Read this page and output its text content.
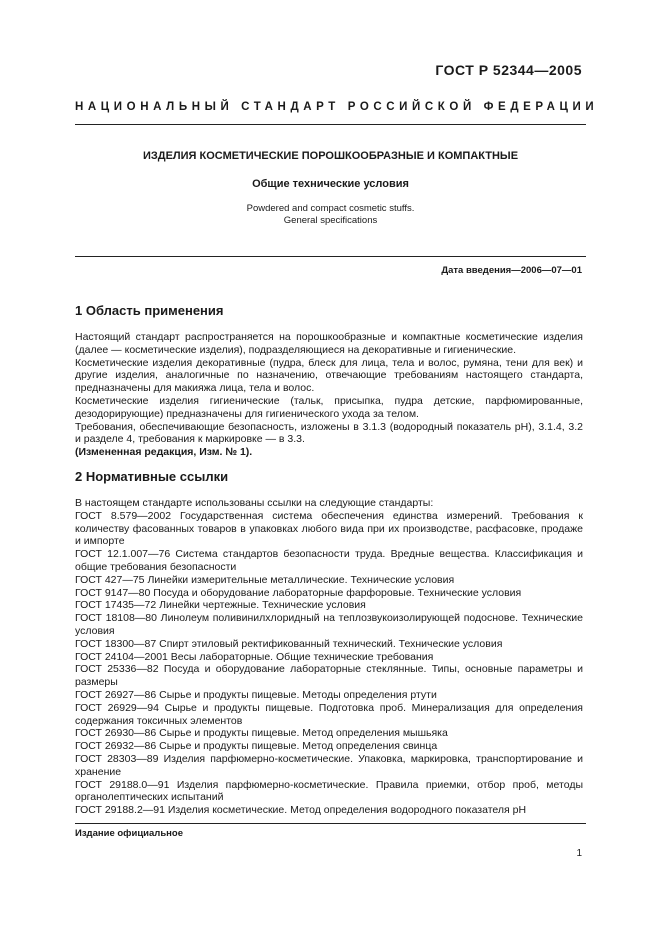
ГОСТ Р 52344—2005
НАЦИОНАЛЬНЫЙ СТАНДАРТ РОССИЙСКОЙ ФЕДЕРАЦИИ
ИЗДЕЛИЯ КОСМЕТИЧЕСКИЕ ПОРОШКООБРАЗНЫЕ И КОМПАКТНЫЕ
Общие технические условия
Powdered and compact cosmetic stuffs.
General specifications
Дата введения—2006—07—01
1 Область применения

Настоящий стандарт распространяется на порошкообразные и компактные косметические изделия (далее — косметические изделия), подразделяющиеся на декоративные и гигиенические.

Косметические изделия декоративные (пудра, блеск для лица, тела и волос, румяна, тени для век) и другие изделия, аналогичные по назначению, отвечающие требованиям настоящего стандарта, предназначены для макияжа лица, тела и волос.

Косметические изделия гигиенические (тальк, присыпка, пудра детские, парфюмированные, дезодорирующие) предназначены для гигиенического ухода за телом.

Требования, обеспечивающие безопасность, изложены в 3.1.3 (водородный показатель рН), 3.1.4, 3.2 и разделе 4, требования к маркировке — в 3.3.

(Измененная редакция, Изм. № 1).

2 Нормативные ссылки

В настоящем стандарте использованы ссылки на следующие стандарты:

ГОСТ 8.579—2002 Государственная система обеспечения единства измерений. Требования к количеству фасованных товаров в упаковках любого вида при их производстве, расфасовке, продаже и импорте

ГОСТ 12.1.007—76 Система стандартов безопасности труда. Вредные вещества. Классификация и общие требования безопасности

ГОСТ 427—75 Линейки измерительные металлические. Технические условия

ГОСТ 9147—80 Посуда и оборудование лабораторные фарфоровые. Технические условия

ГОСТ 17435—72 Линейки чертежные. Технические условия

ГОСТ 18108—80 Линолеум поливинилхлоридный на теплозвукоизолирующей подоснове. Технические условия

ГОСТ 18300—87 Спирт этиловый ректификованный технический. Технические условия

ГОСТ 24104—2001 Весы лабораторные. Общие технические требования

ГОСТ 25336—82 Посуда и оборудование лабораторные стеклянные. Типы, основные параметры и размеры

ГОСТ 26927—86 Сырье и продукты пищевые. Методы определения ртути

ГОСТ 26929—94 Сырье и продукты пищевые. Подготовка проб. Минерализация для определения содержания токсичных элементов

ГОСТ 26930—86 Сырье и продукты пищевые. Метод определения мышьяка

ГОСТ 26932—86 Сырье и продукты пищевые. Метод определения свинца

ГОСТ 28303—89 Изделия парфюмерно-косметические. Упаковка, маркировка, транспортирование и хранение

ГОСТ 29188.0—91 Изделия парфюмерно-косметические. Правила приемки, отбор проб, методы органолептических испытаний

ГОСТ 29188.2—91 Изделия косметические. Метод определения водородного показателя pH

Издание официальное
1
